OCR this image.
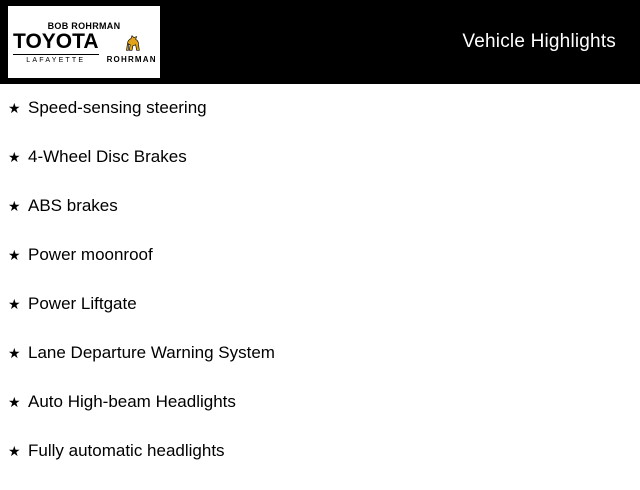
BOB ROHRMAN
TOYOTA
LAFAYETTE	ROHRMAN
Vehicle Highlights
★ Speed-sensing steering
★ 4-Wheel Disc Brakes
★ ABS brakes
★ Power moonroof
★ Power Liftgate
★ Lane Departure Warning System
★ Auto High-beam Headlights
★ Fully automatic headlights
